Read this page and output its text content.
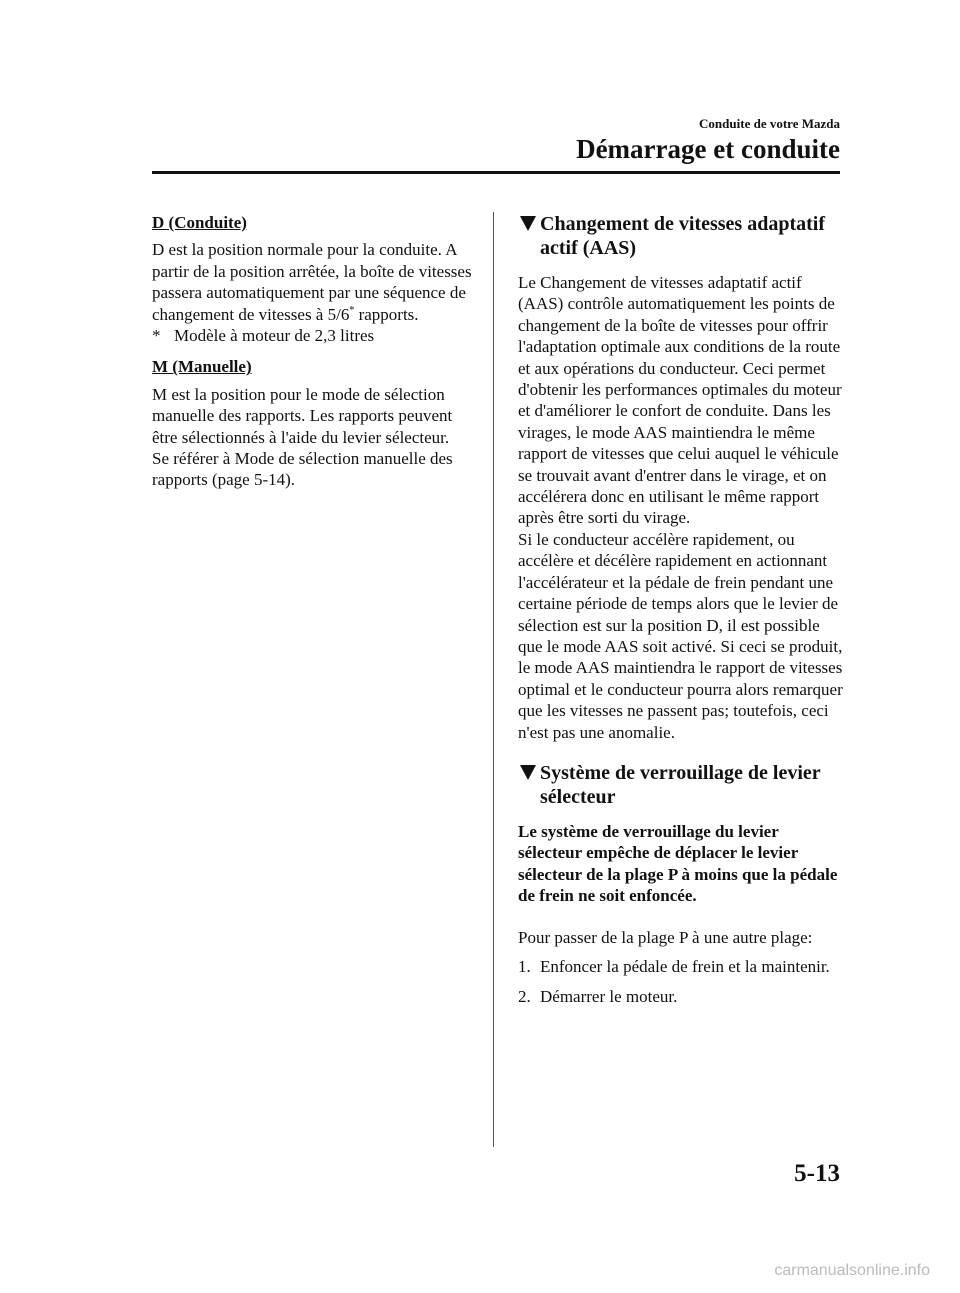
Conduite de votre Mazda
Démarrage et conduite
D (Conduite)

D est la position normale pour la conduite. A partir de la position arrêtée, la boîte de vitesses passera automatiquement par une séquence de changement de vitesses à 5/6* rapports.

* Modèle à moteur de 2,3 litres

M (Manuelle)

M est la position pour le mode de sélection manuelle des rapports. Les rapports peuvent être sélectionnés à l'aide du levier sélecteur.

Se référer à Mode de sélection manuelle des rapports (page 5-14).

Changement de vitesses adaptatif actif (AAS)

Le Changement de vitesses adaptatif actif (AAS) contrôle automatiquement les points de changement de la boîte de vitesses pour offrir l'adaptation optimale aux conditions de la route et aux opérations du conducteur. Ceci permet d'obtenir les performances optimales du moteur et d'améliorer le confort de conduite. Dans les virages, le mode AAS maintiendra le même rapport de vitesses que celui auquel le véhicule se trouvait avant d'entrer dans le virage, et on accélérera donc en utilisant le même rapport après être sorti du virage.

Si le conducteur accélère rapidement, ou accélère et décélère rapidement en actionnant l'accélérateur et la pédale de frein pendant une certaine période de temps alors que le levier de sélection est sur la position D, il est possible que le mode AAS soit activé. Si ceci se produit, le mode AAS maintiendra le rapport de vitesses optimal et le conducteur pourra alors remarquer que les vitesses ne passent pas; toutefois, ceci n'est pas une anomalie.

Système de verrouillage de levier sélecteur

Le système de verrouillage du levier sélecteur empêche de déplacer le levier sélecteur de la plage P à moins que la pédale de frein ne soit enfoncée.

Pour passer de la plage P à une autre plage:

1. Enfoncer la pédale de frein et la maintenir.
2. Démarrer le moteur.
5-13
carmanualsonline.info
